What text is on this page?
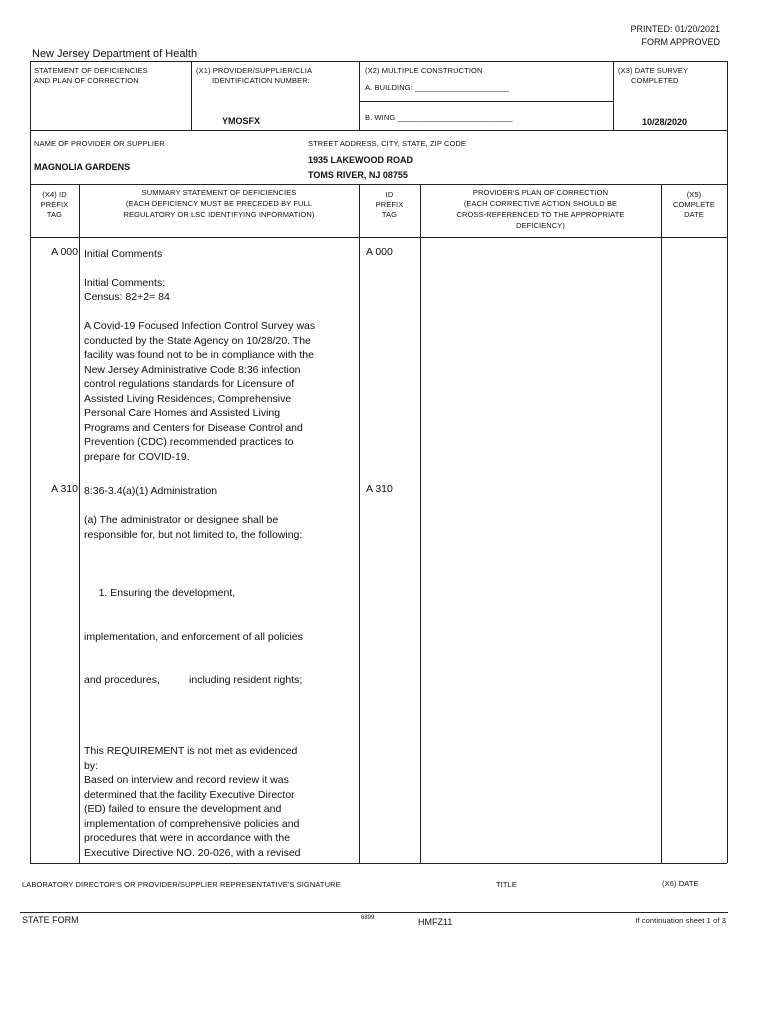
PRINTED: 01/20/2021
FORM APPROVED
New Jersey Department of Health
STATEMENT OF DEFICIENCIES
AND PLAN OF CORRECTION
(X1) PROVIDER/SUPPLIER/CLIA
IDENTIFICATION NUMBER:
YMOSFX
(X2) MULTIPLE CONSTRUCTION
A. BUILDING: ______________________
B. WING ___________________________
(X3) DATE SURVEY
COMPLETED
10/28/2020
NAME OF PROVIDER OR SUPPLIER
MAGNOLIA GARDENS
STREET ADDRESS, CITY, STATE, ZIP CODE
1935 LAKEWOOD ROAD
TOMS RIVER, NJ 08755
(X4) ID
PREFIX
TAG
SUMMARY STATEMENT OF DEFICIENCIES
(EACH DEFICIENCY MUST BE PRECEDED BY FULL
REGULATORY OR LSC IDENTIFYING INFORMATION)
ID
PREFIX
TAG
PROVIDER'S PLAN OF CORRECTION
(EACH CORRECTIVE ACTION SHOULD BE
CROSS-REFERENCED TO THE APPROPRIATE
DEFICIENCY)
(X5)
COMPLETE
DATE
A 000	A 000
Initial Comments
Initial Comments:
Census: 82+2= 84
A Covid-19 Focused Infection Control Survey was
conducted by the State Agency on 10/28/20. The
facility was found not to be in compliance with the
New Jersey Administrative Code 8:36 infection
control regulations standards for Licensure of
Assisted Living Residences, Comprehensive
Personal Care Homes and Assisted Living
Programs and Centers for Disease Control and
Prevention (CDC) recommended practices to
prepare for COVID-19.
A 310	A 310
8:36-3.4(a)(1) Administration
(a) The administrator or designee shall be
responsible for, but not limited to, the following:

1. Ensuring the development,

implementation, and enforcement of all policies

and procedures,          including resident rights;

This REQUIREMENT is not met as evidenced
by:
Based on interview and record review it was
determined that the facility Executive Director
(ED) failed to ensure the development and
implementation of comprehensive policies and
procedures that were in accordance with the
Executive Directive NO. 20-026, with a revised
LABORATORY DIRECTOR'S OR PROVIDER/SUPPLIER REPRESENTATIVE'S SIGNATURE	TITLE	(X6) DATE
STATE FORM	6899	HMFZ11	If continuation sheet 1 of 3
